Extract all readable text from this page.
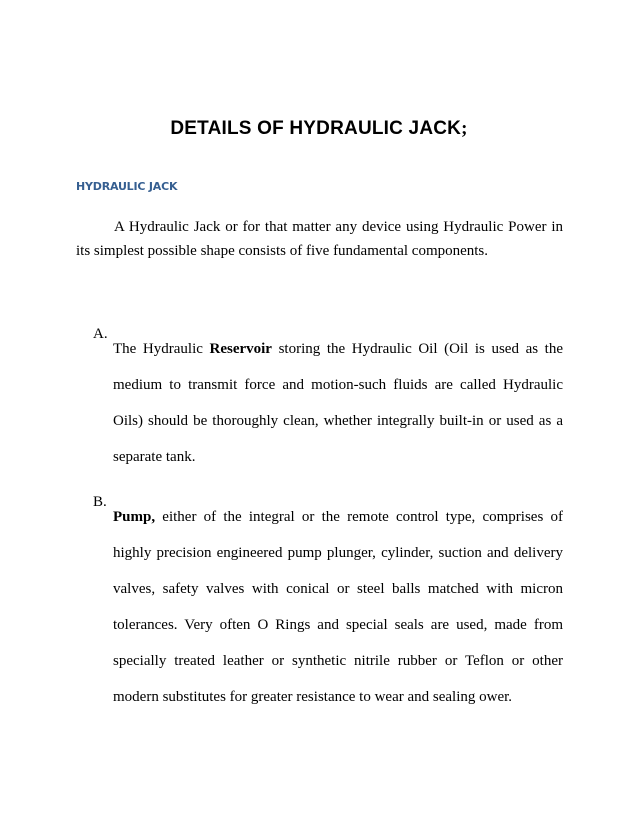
DETAILS OF HYDRAULIC JACK;
HYDRAULIC JACK

A Hydraulic Jack or for that matter any device using Hydraulic Power in its simplest possible shape consists of five fundamental components.

A.

The Hydraulic Reservoir storing the Hydraulic Oil (Oil is used as the medium to transmit force and motion-such fluids are called Hydraulic Oils) should be thoroughly clean, whether integrally built-in or used as a separate tank.

B.

Pump, either of the integral or the remote control type, comprises of highly precision engineered pump plunger, cylinder, suction and delivery valves, safety valves with conical or steel balls matched with micron tolerances. Very often O Rings and special seals are used, made from specially treated leather or synthetic nitrile rubber or Teflon or other modern substitutes for greater resistance to wear and sealing ower.
